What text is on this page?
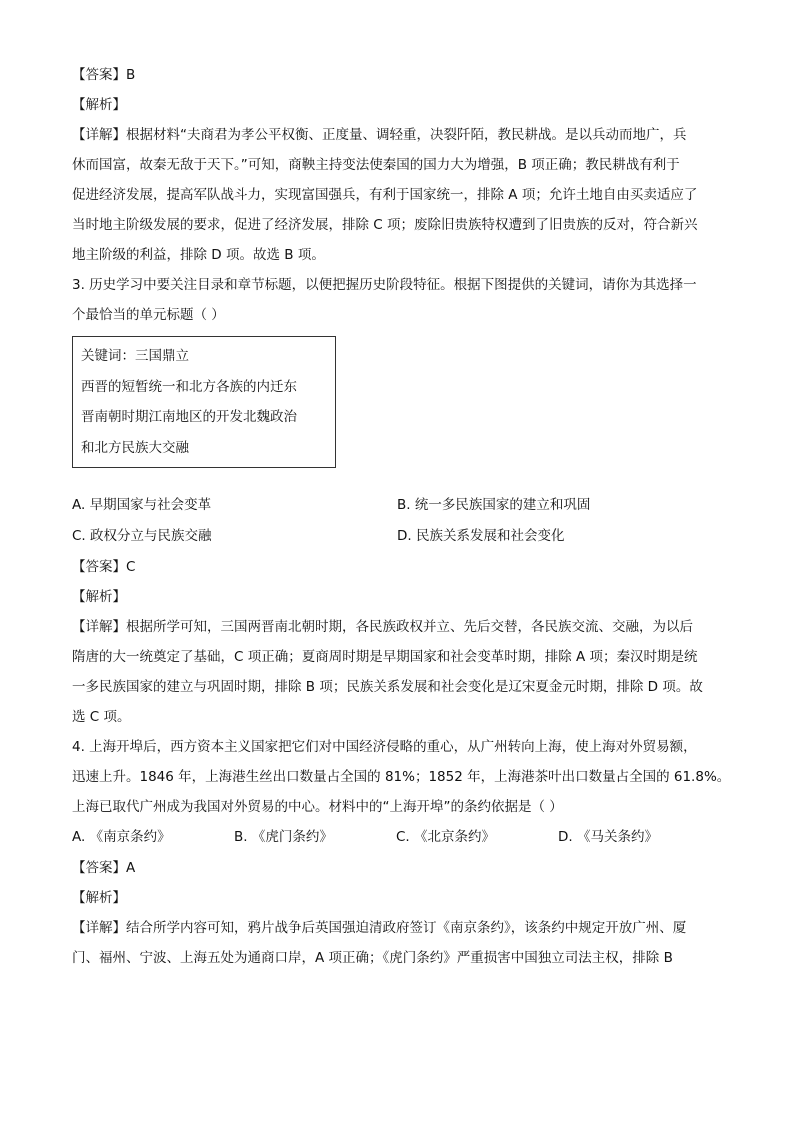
【答案】B
【解析】
【详解】根据材料“夫商君为孝公平权衡、正度量、调轻重，决裂阡陌，教民耕战。是以兵动而地广，兵
休而国富，故秦无敌于天下。”可知，商鞅主持变法使秦国的国力大为增强，B 项正确；教民耕战有利于
促进经济发展，提高军队战斗力，实现富国强兵，有利于国家统一，排除 A 项；允许土地自由买卖适应了
当时地主阶级发展的要求，促进了经济发展，排除 C 项；废除旧贵族特权遭到了旧贵族的反对，符合新兴
地主阶级的利益，排除 D 项。故选 B 项。
3. 历史学习中要关注目录和章节标题，以便把握历史阶段特征。根据下图提供的关键词，请你为其选择一
个最恰当的单元标题（ ）
关键词：三国鼎立
西晋的短暂统一和北方各族的内迁东
晋南朝时期江南地区的开发北魏政治
和北方民族大交融
A. 早期国家与社会变革	B. 统一多民族国家的建立和巩固
C. 政权分立与民族交融	D. 民族关系发展和社会变化
【答案】C
【解析】
【详解】根据所学可知，三国两晋南北朝时期，各民族政权并立、先后交替，各民族交流、交融，为以后
隋唐的大一统奠定了基础，C 项正确；夏商周时期是早期国家和社会变革时期，排除 A 项；秦汉时期是统
一多民族国家的建立与巩固时期，排除 B 项；民族关系发展和社会变化是辽宋夏金元时期，排除 D 项。故
选 C 项。
4. 上海开埠后，西方资本主义国家把它们对中国经济侵略的重心，从广州转向上海，使上海对外贸易额，
迅速上升。1846 年，上海港生丝出口数量占全国的 81%；1852 年，上海港茶叶出口数量占全国的 61.8%。
上海已取代广州成为我国对外贸易的中心。材料中的“上海开埠”的条约依据是（ ）
A. 《南京条约》	B. 《虎门条约》	C. 《北京条约》	D. 《马关条约》
【答案】A
【解析】
【详解】结合所学内容可知，鸦片战争后英国强迫清政府签订《南京条约》，该条约中规定开放广州、厦
门、福州、宁波、上海五处为通商口岸，A 项正确；《虎门条约》严重损害中国独立司法主权，排除 B
